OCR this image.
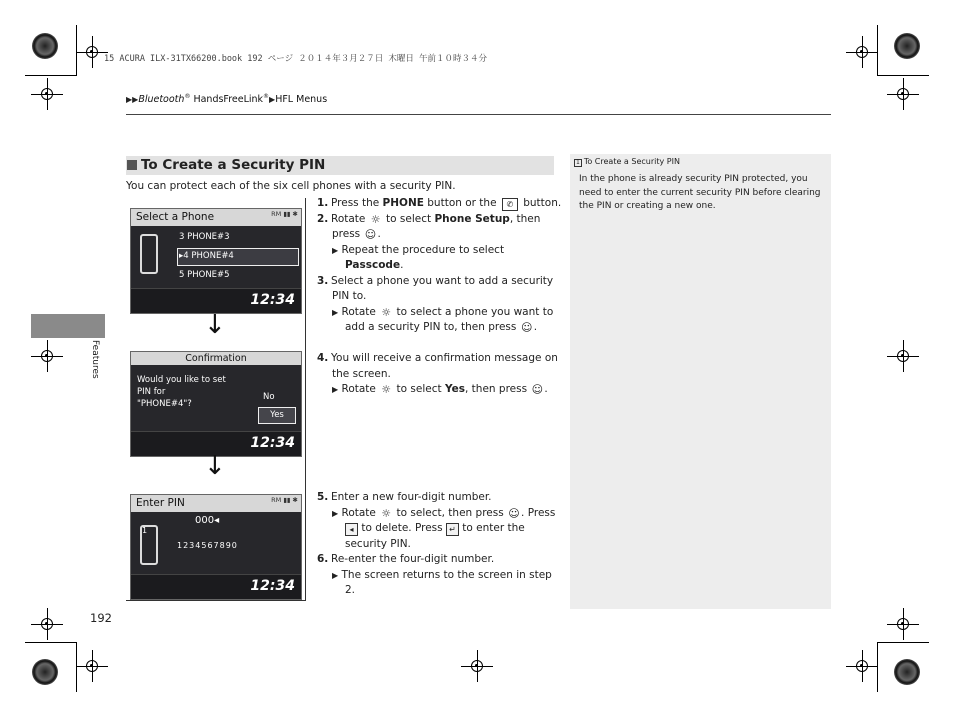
15 ACURA ILX-31TX66200.book 192 ページ ２０１４年３月２７日 木曜日 午前１０時３４分
▶▶Bluetooth® HandsFreeLink®▶HFL Menus
Features
To Create a Security PIN
You can protect each of the six cell phones with a security PIN.
Select a Phone	RM ▮▮ ✱
3 PHONE#3
▸4 PHONE#4
5 PHONE#5
12:34
↓
Confirmation
Would you like to set
PIN for
"PHONE#4"?
No
Yes
12:34
↓
Enter PIN	RM ▮▮ ✱
000◂
1
1234567890
12:34
1. Press the PHONE button or the ✆ button.
2. Rotate ☼ to select Phone Setup, then
press ☺.
▶ Repeat the procedure to select
Passcode.
3. Select a phone you want to add a security
PIN to.
▶ Rotate ☼ to select a phone you want to
add a security PIN to, then press ☺.
4. You will receive a confirmation message on
the screen.
▶ Rotate ☼ to select Yes, then press ☺.
5. Enter a new four-digit number.
▶ Rotate ☼ to select, then press ☺. Press
◂ to delete. Press ↵ to enter the
security PIN.
6. Re-enter the four-digit number.
▶ The screen returns to the screen in step
2.
1 To Create a Security PIN
In the phone is already security PIN protected, you need to enter the current security PIN before clearing the PIN or creating a new one.
192
